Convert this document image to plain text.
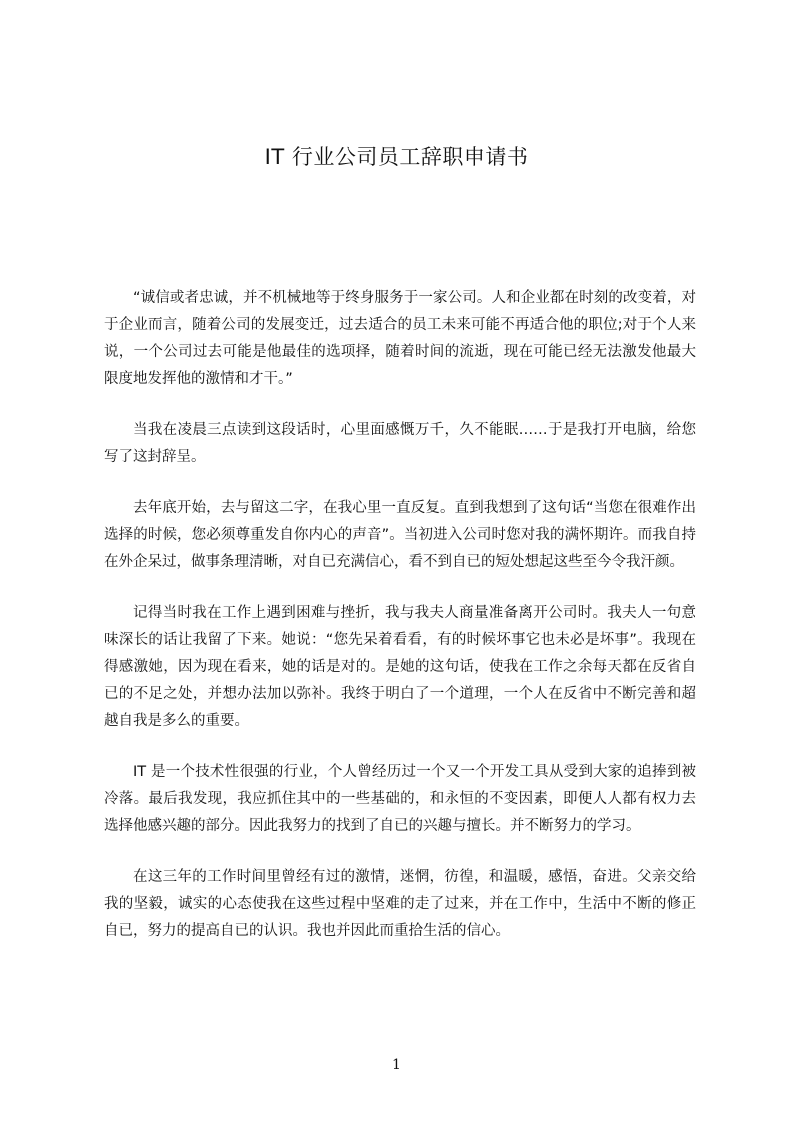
IT 行业公司员工辞职申请书

“诚信或者忠诚，并不机械地等于终身服务于一家公司。人和企业都在时刻的改变着，对于企业而言，随着公司的发展变迁，过去适合的员工未来可能不再适合他的职位;对于个人来说，一个公司过去可能是他最佳的选项择，随着时间的流逝，现在可能已经无法激发他最大限度地发挥他的激情和才干。”

当我在凌晨三点读到这段话时，心里面感慨万千，久不能眠……于是我打开电脑，给您写了这封辞呈。

去年底开始，去与留这二字，在我心里一直反复。直到我想到了这句话“当您在很难作出选择的时候，您必须尊重发自你内心的声音”。当初进入公司时您对我的满怀期许。而我自持在外企呆过，做事条理清晰，对自已充满信心，看不到自已的短处想起这些至今令我汗颜。

记得当时我在工作上遇到困难与挫折，我与我夫人商量准备离开公司时。我夫人一句意味深长的话让我留了下来。她说：“您先呆着看看，有的时候坏事它也未必是坏事”。我现在得感激她，因为现在看来，她的话是对的。是她的这句话，使我在工作之余每天都在反省自已的不足之处，并想办法加以弥补。我终于明白了一个道理，一个人在反省中不断完善和超越自我是多么的重要。

IT 是一个技术性很强的行业，个人曾经历过一个又一个开发工具从受到大家的追捧到被冷落。最后我发现，我应抓住其中的一些基础的，和永恒的不变因素，即便人人都有权力去选择他感兴趣的部分。因此我努力的找到了自已的兴趣与擅长。并不断努力的学习。

在这三年的工作时间里曾经有过的激情，迷惘，彷徨，和温暖，感悟，奋进。父亲交给我的坚毅，诚实的心态使我在这些过程中坚难的走了过来，并在工作中，生活中不断的修正自已，努力的提高自已的认识。我也并因此而重拾生活的信心。

1
